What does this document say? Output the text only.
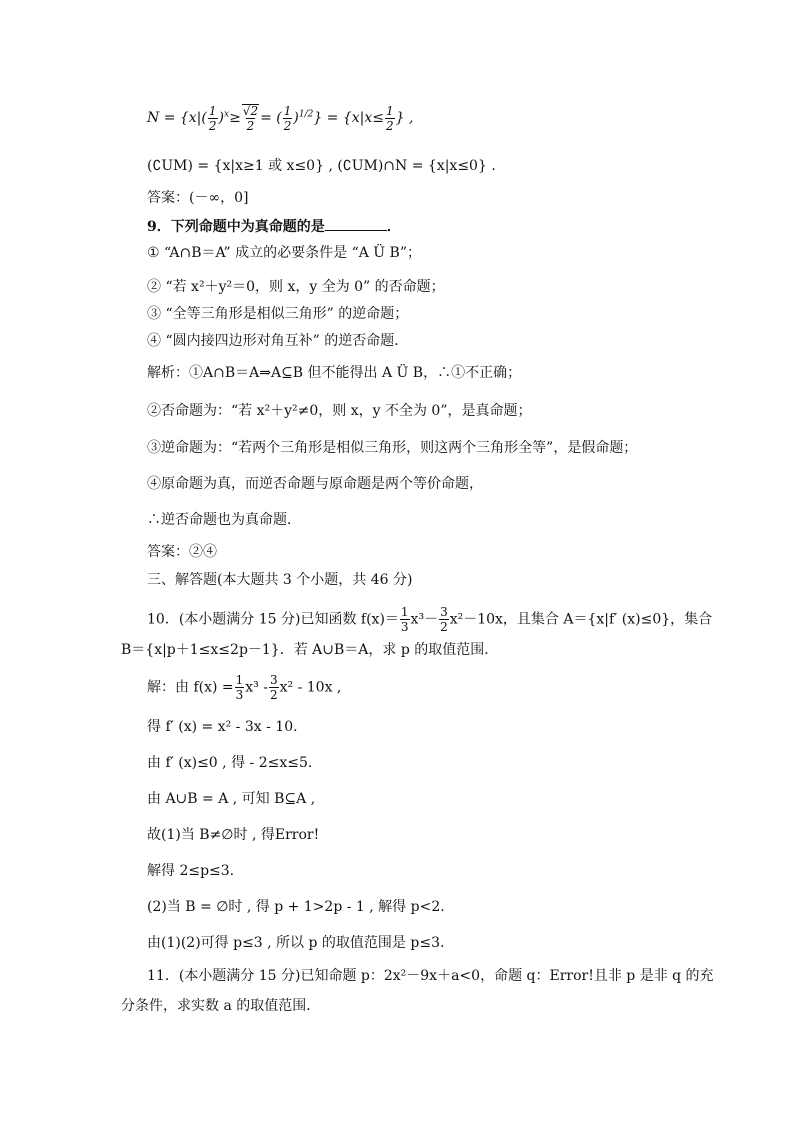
$N = \{x|( \frac{1}{2} )^x\ge \frac{√2}{2}$ = ( $\frac{1}{2} )^{1/2}\} = \{x|x\le \frac{1}{2}$ } ,
(∁UM) = {x|x≥1 或 x≤0} , (∁UM)∩N = {x|x≤0} .
答案：(－∞，0]
9．下列命题中为真命题的是	．
① “A∩B＝A” 成立的必要条件是 “A Ü B”；
② “若 x²＋y²＝0，则 x，y 全为 0” 的否命题；
③ “全等三角形是相似三角形” 的逆命题；
④ “圆内接四边形对角互补” 的逆否命题．
解析：①A∩B＝A⇒A⊆B 但不能得出 A Ü B，∴①不正确；
②否命题为：“若 x²＋y²≠0，则 x，y 不全为 0”，是真命题；
③逆命题为：“若两个三角形是相似三角形，则这两个三角形全等”，是假命题；
④原命题为真，而逆否命题与原命题是两个等价命题，
∴逆否命题也为真命题．
答案：②④
三、解答题(本大题共 3 个小题，共 46 分)
10．(本小题满分 15 分)已知函数 $f(x)= \frac{1}{3} x^3- \frac{3}{2} x^2-10x$，且集合 A＝{x|f′ (x)≤0}，集合
B＝{x|p＋1≤x≤2p－1}．若 A∪B＝A，求 p 的取值范围．
解：由 $f(x) = \frac{1}{3} x^3 - \frac{3}{2} x^2 - 10x$ ,
得 f′ (x) = x² - 3x - 10.
由 f′ (x)≤0 , 得 - 2≤x≤5.
由 A∪B = A , 可知 B⊆A ,
故(1)当 B≠∅时 , 得Error!
解得 2≤p≤3.
(2)当 B = ∅时 , 得 p + 1>2p - 1 , 解得 p<2.
由(1)(2)可得 p≤3 , 所以 p 的取值范围是 p≤3.
11．(本小题满分 15 分)已知命题 p：2x²－9x＋a<0，命题 q：Error!且非 p 是非 q 的充
分条件，求实数 a 的取值范围．
